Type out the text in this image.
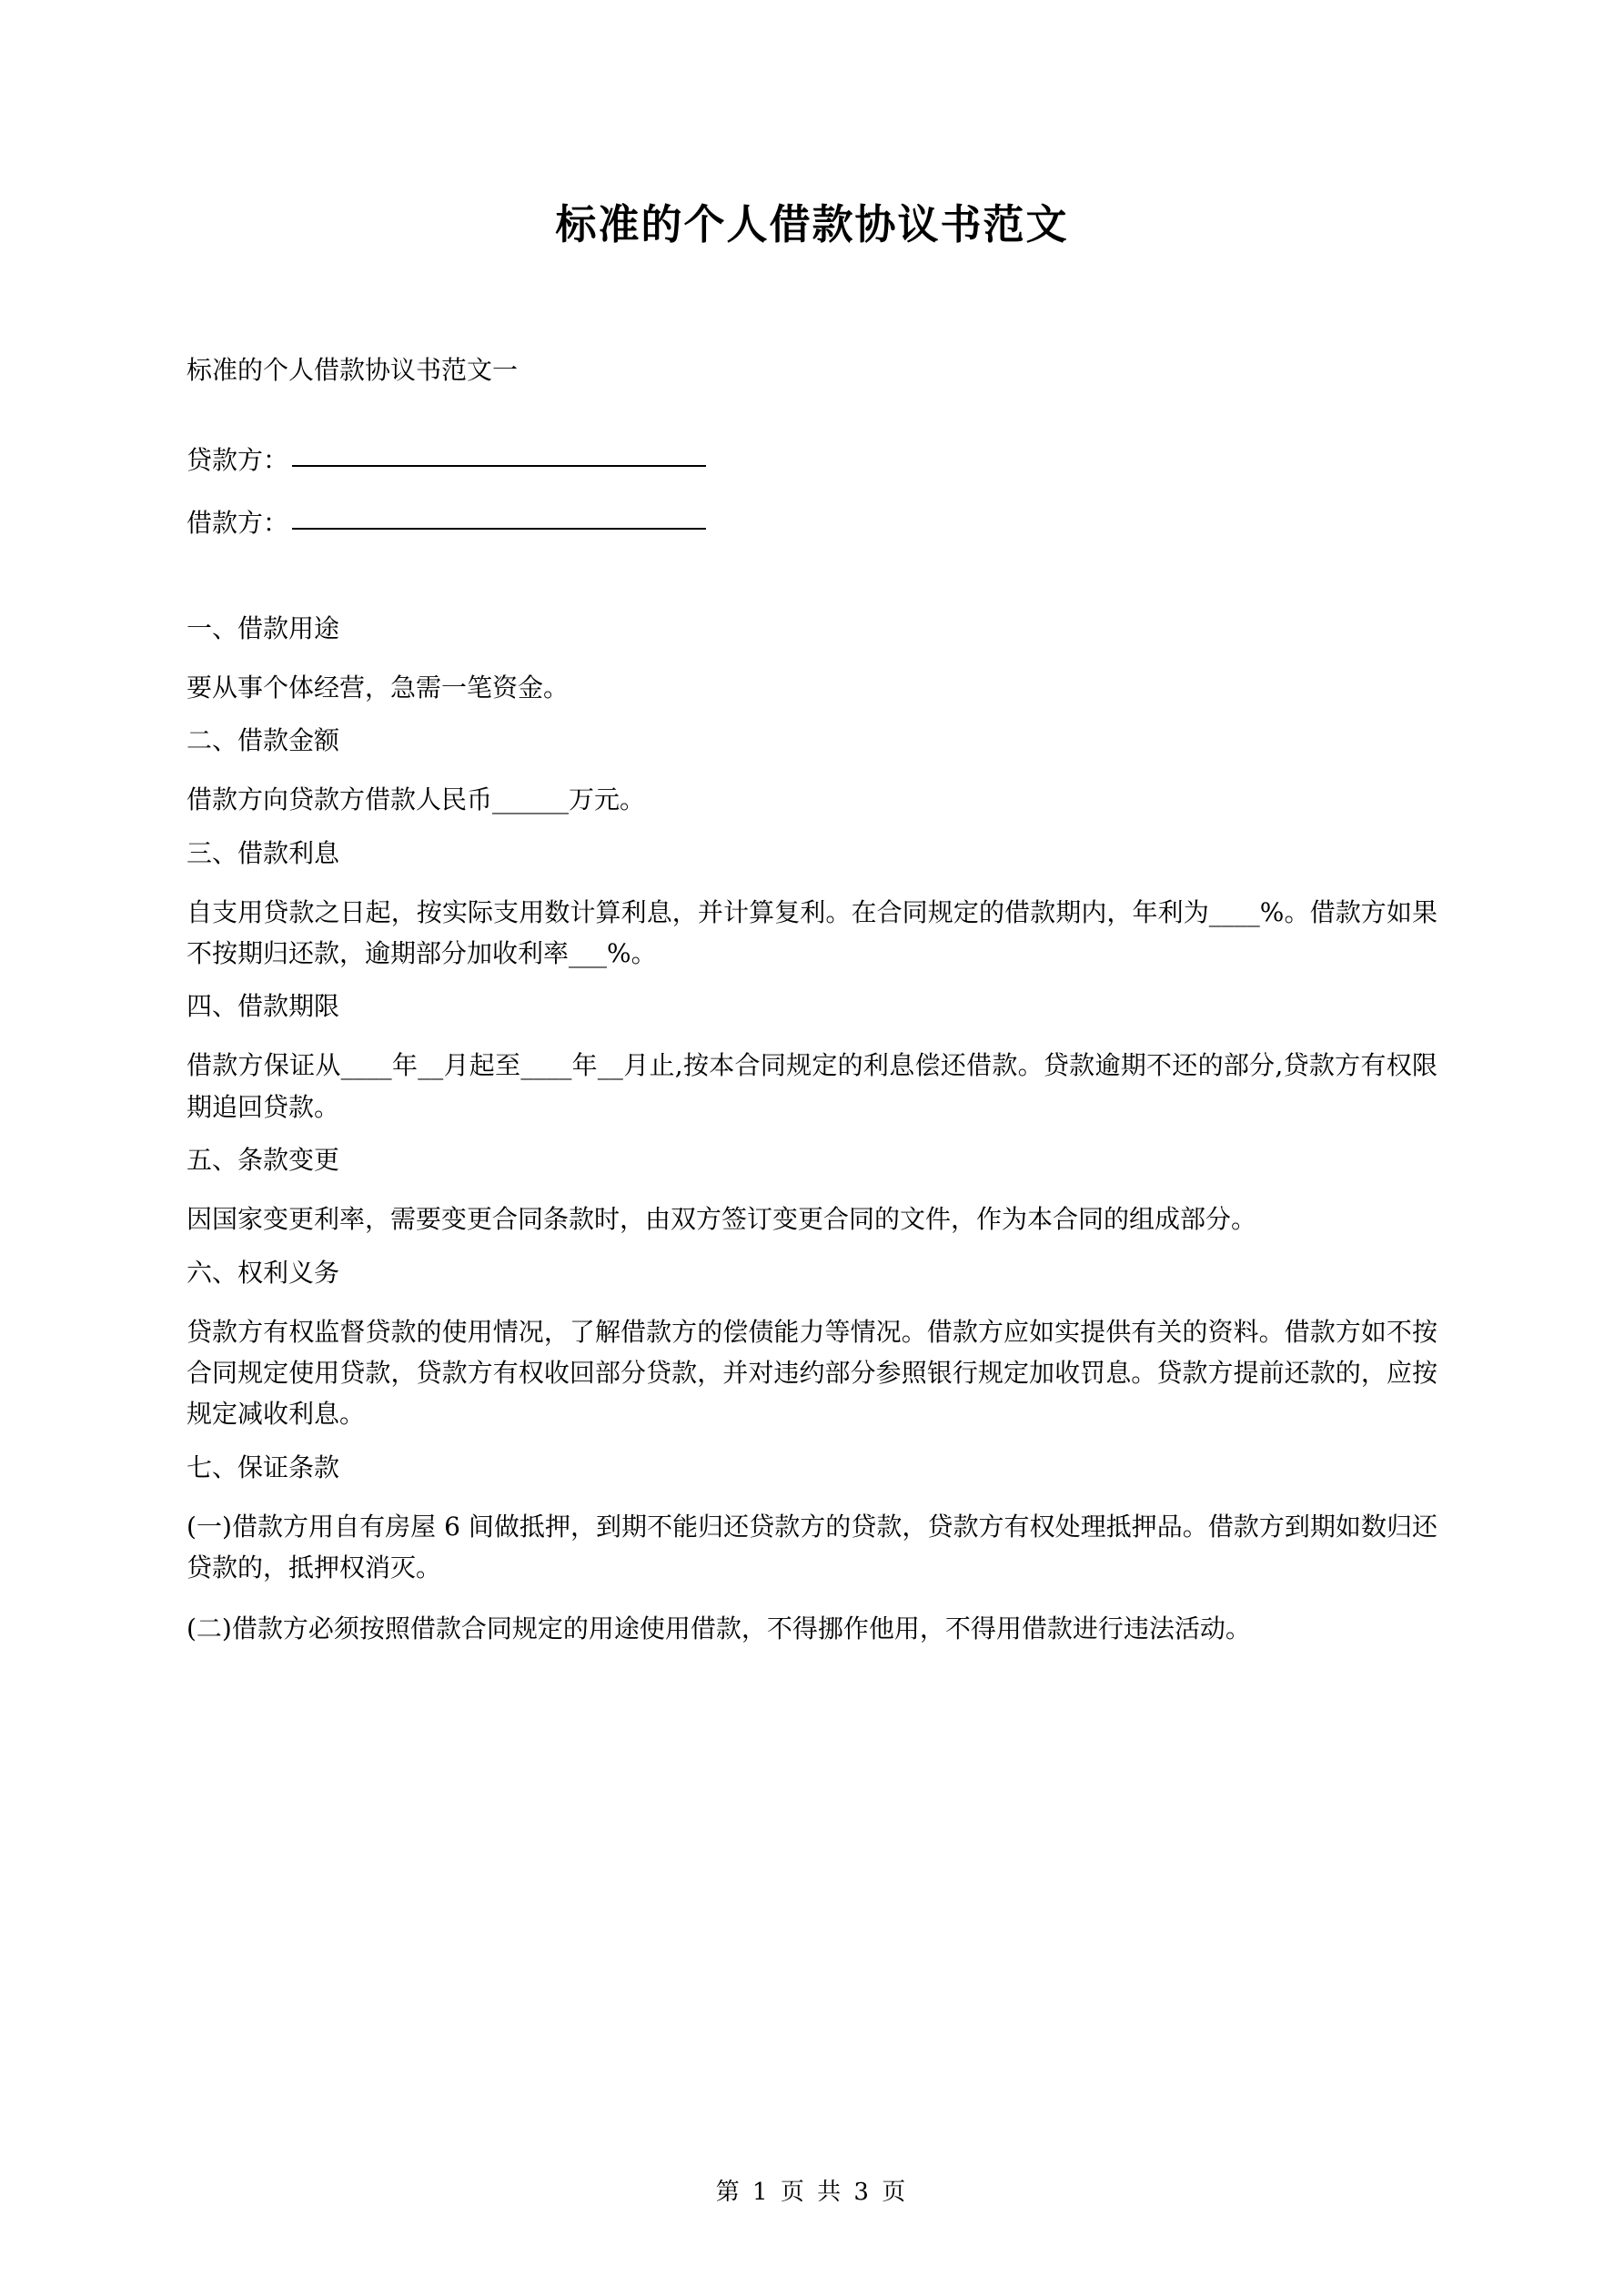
标准的个人借款协议书范文
标准的个人借款协议书范文一
贷款方：
借款方：
一、借款用途
要从事个体经营，急需一笔资金。
二、借款金额
借款方向贷款方借款人民币______万元。
三、借款利息
自支用贷款之日起，按实际支用数计算利息，并计算复利。在合同规定的借款期内，年利为____%。借款方如果不按期归还款，逾期部分加收利率___%。
四、借款期限
借款方保证从____年__月起至____年__月止,按本合同规定的利息偿还借款。贷款逾期不还的部分,贷款方有权限期追回贷款。
五、条款变更
因国家变更利率，需要变更合同条款时，由双方签订变更合同的文件，作为本合同的组成部分。
六、权利义务
贷款方有权监督贷款的使用情况，了解借款方的偿债能力等情况。借款方应如实提供有关的资料。借款方如不按合同规定使用贷款，贷款方有权收回部分贷款，并对违约部分参照银行规定加收罚息。贷款方提前还款的，应按规定减收利息。
七、保证条款
(一)借款方用自有房屋 6 间做抵押，到期不能归还贷款方的贷款，贷款方有权处理抵押品。借款方到期如数归还贷款的，抵押权消灭。
(二)借款方必须按照借款合同规定的用途使用借款，不得挪作他用，不得用借款进行违法活动。
第 1 页 共 3 页
